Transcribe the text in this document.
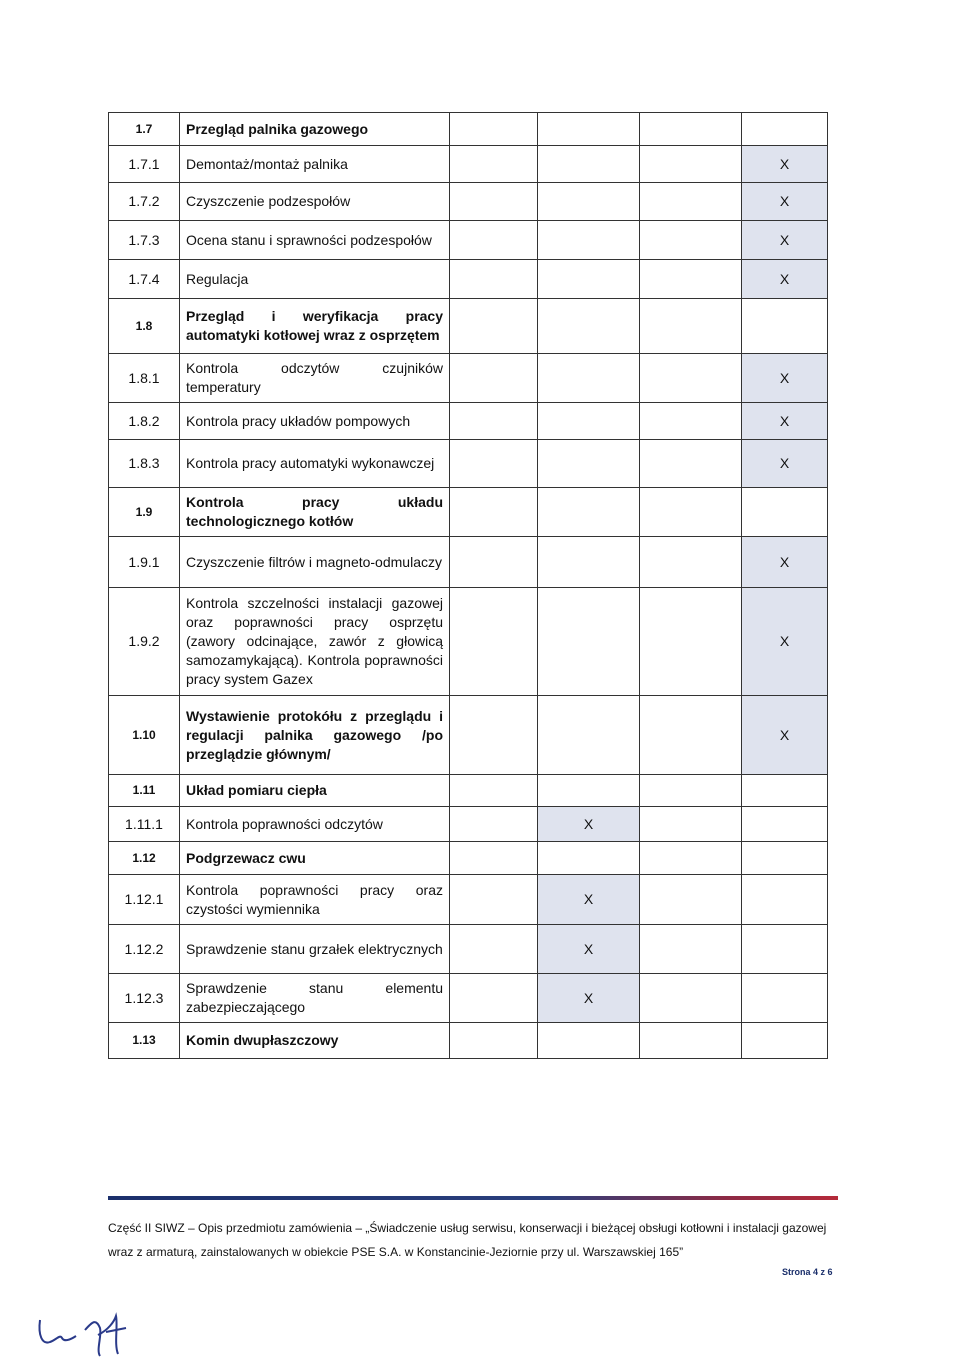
1.7	Przegląd palnika gazowego				
1.7.1	Demontaż/montaż palnika				X
1.7.2	Czyszczenie podzespołów				X
1.7.3	Ocena stanu i sprawności podzespołów				X
1.7.4	Regulacja				X
1.8	Przegląd i weryfikacja pracy automatyki kotłowej wraz z osprzętem				
1.8.1	Kontrola odczytów czujników temperatury				X
1.8.2	Kontrola pracy układów pompowych				X
1.8.3	Kontrola pracy automatyki wykonawczej				X
1.9	Kontrola pracy układu technologicznego kotłów				
1.9.1	Czyszczenie filtrów i magneto-odmulaczy				X
1.9.2	Kontrola szczelności instalacji gazowej oraz poprawności pracy osprzętu (zawory odcinające, zawór z głowicą samozamykającą). Kontrola poprawności pracy system Gazex				X
1.10	Wystawienie protokółu z przeglądu i regulacji palnika gazowego /po przeglądzie głównym/				X
1.11	Układ pomiaru ciepła				
1.11.1	Kontrola poprawności odczytów		X		
1.12	Podgrzewacz cwu				
1.12.1	Kontrola poprawności pracy oraz czystości wymiennika		X		
1.12.2	Sprawdzenie stanu grzałek elektrycznych		X		
1.12.3	Sprawdzenie stanu elementu zabezpieczającego		X		
1.13	Komin dwupłaszczowy				
Część II SIWZ – Opis przedmiotu zamówienia – „Świadczenie usług serwisu, konserwacji i bieżącej obsługi kotłowni i instalacji gazowej wraz z armaturą, zainstalowanych w obiekcie PSE S.A. w Konstancinie-Jeziornie przy ul. Warszawskiej 165”
Strona 4 z 6
